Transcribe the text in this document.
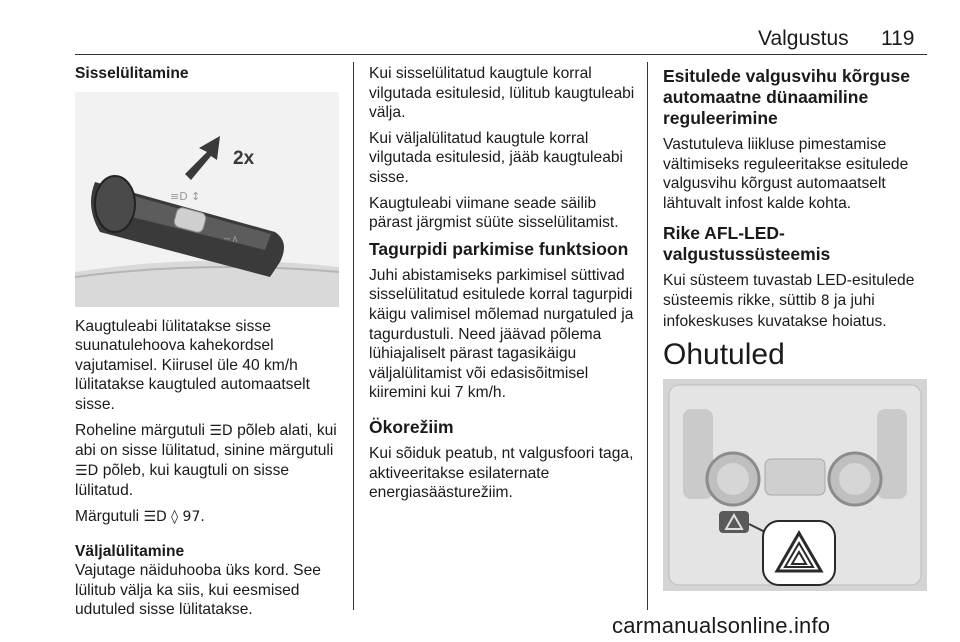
Valgustus 119

Sisselülitamine

≡D ↕
~∧
2x

Kaugtuleabi lülitatakse sisse suunatulehoova kahekordsel vajutamisel. Kiirusel üle 40 km/h lülitatakse kaugtuled automaatselt sisse.

Roheline märgutuli ☰D põleb alati, kui abi on sisse lülitatud, sinine märgutuli ☰D põleb, kui kaugtuli on sisse lülitatud.

Märgutuli ☰D ◊ 97.

Väljalülitamine

Vajutage näiduhooba üks kord. See lülitub välja ka siis, kui eesmised udutuled sisse lülitatakse.

Kui sisselülitatud kaugtule korral vilgutada esitulesid, lülitub kaugtuleabi välja.

Kui väljalülitatud kaugtule korral vilgutada esitulesid, jääb kaugtuleabi sisse.

Kaugtuleabi viimane seade säilib pärast järgmist süüte sisselülitamist.

Tagurpidi parkimise funktsioon

Juhi abistamiseks parkimisel süttivad sisselülitatud esitulede korral tagurpidi käigu valimisel mõlemad nurgatuled ja tagurdustuli. Need jäävad põlema lühiajaliselt pärast tagasikäigu väljalülitamist või edasisõitmisel kiiremini kui 7 km/h.

Ökorežiim

Kui sõiduk peatub, nt valgusfoori taga, aktiveeritakse esilaternate energiasäästurežiim.

Esitulede valgusvihu kõrguse automaatne dünaamiline reguleerimine

Vastutuleva liikluse pimestamise vältimiseks reguleeritakse esitulede valgusvihu kõrgust automaatselt lähtuvalt infost kalde kohta.

Rike AFL-LED-valgustussüsteemis

Kui süsteem tuvastab LED-esitulede süsteemis rikke, süttib 8 ja juhi infokeskuses kuvatakse hoiatus.

Ohutuled

carmanualsonline.info
